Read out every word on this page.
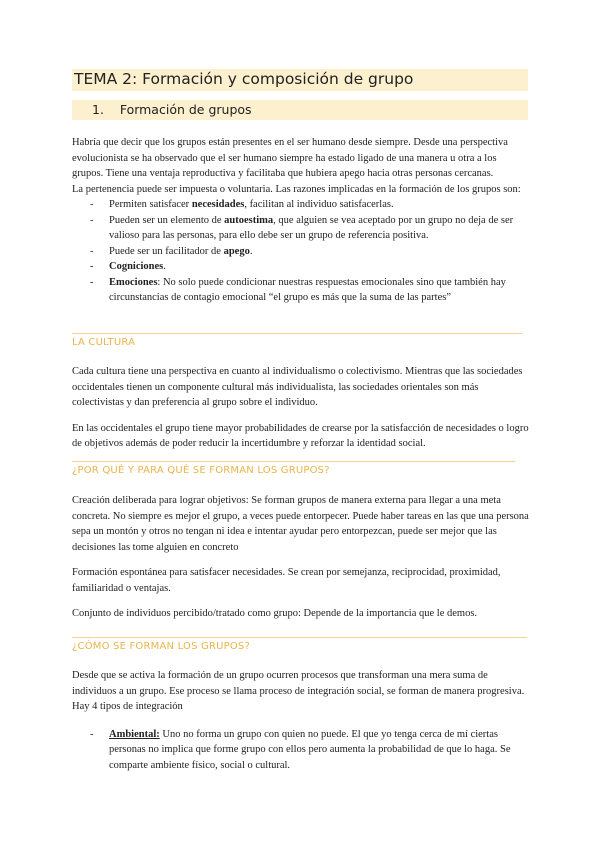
TEMA 2: Formación y composición de grupo
1.    Formación de grupos

Habría que decir que los grupos están presentes en el ser humano desde siempre. Desde una perspectiva evolucionista se ha observado que el ser humano siempre ha estado ligado de una manera u otra a los grupos. Tiene una ventaja reproductiva y facilitaba que hubiera apego hacia otras personas cercanas.

La pertenencia puede ser impuesta o voluntaria. Las razones implicadas en la formación de los grupos son:

- Permiten satisfacer necesidades, facilitan al individuo satisfacerlas.
- Pueden ser un elemento de autoestima, que alguien se vea aceptado por un grupo no deja de ser valioso para las personas, para ello debe ser un grupo de referencia positiva.
- Puede ser un facilitador de apego.
- Cogniciones.
- Emociones: No solo puede condicionar nuestras respuestas emocionales sino que también hay circunstancias de contagio emocional “el grupo es más que la suma de las partes”
LA CULTURA

Cada cultura tiene una perspectiva en cuanto al individualismo o colectivismo. Mientras que las sociedades occidentales tienen un componente cultural más individualista, las sociedades orientales son más colectivistas y dan preferencia al grupo sobre el individuo.

En las occidentales el grupo tiene mayor probabilidades de crearse por la satisfacción de necesidades o logro de objetivos además de poder reducir la incertidumbre y reforzar la identidad social.

¿POR QUÉ Y PARA QUÉ SE FORMAN LOS GRUPOS?

Creación deliberada para lograr objetivos: Se forman grupos de manera externa para llegar a una meta concreta. No siempre es mejor el grupo, a veces puede entorpecer. Puede haber tareas en las que una persona sepa un montón y otros no tengan ni idea e intentar ayudar pero entorpezcan, puede ser mejor que las decisiones las tome alguien en concreto

Formación espontánea para satisfacer necesidades. Se crean por semejanza, reciprocidad, proximidad, familiaridad o ventajas.

Conjunto de individuos percibido/tratado como grupo: Depende de la importancia que le demos.

¿CÓMO SE FORMAN LOS GRUPOS?

Desde que se activa la formación de un grupo ocurren procesos que transforman una mera suma de individuos a un grupo. Ese proceso se llama proceso de integración social, se forman de manera progresiva. Hay 4 tipos de integración

- Ambiental: Uno no forma un grupo con quien no puede. El que yo tenga cerca de mí ciertas personas no implica que forme grupo con ellos pero aumenta la probabilidad de que lo haga. Se comparte ambiente físico, social o cultural.
